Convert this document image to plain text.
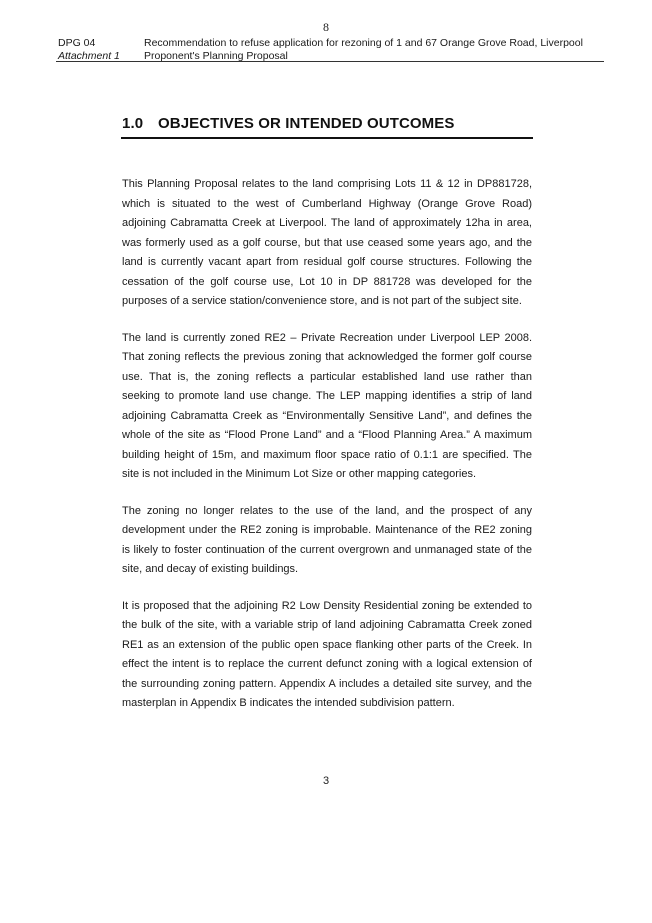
8
DPG 04	Recommendation to refuse application for rezoning of 1 and 67 Orange Grove Road, Liverpool
Attachment 1	Proponent's Planning Proposal
1.0 OBJECTIVES OR INTENDED OUTCOMES

This Planning Proposal relates to the land comprising Lots 11 & 12 in DP881728, which is situated to the west of Cumberland Highway (Orange Grove Road) adjoining Cabramatta Creek at Liverpool. The land of approximately 12ha in area, was formerly used as a golf course, but that use ceased some years ago, and the land is currently vacant apart from residual golf course structures. Following the cessation of the golf course use, Lot 10 in DP 881728 was developed for the purposes of a service station/convenience store, and is not part of the subject site.

The land is currently zoned RE2 – Private Recreation under Liverpool LEP 2008. That zoning reflects the previous zoning that acknowledged the former golf course use. That is, the zoning reflects a particular established land use rather than seeking to promote land use change. The LEP mapping identifies a strip of land adjoining Cabramatta Creek as “Environmentally Sensitive Land”, and defines the whole of the site as “Flood Prone Land” and a “Flood Planning Area.” A maximum building height of 15m, and maximum floor space ratio of 0.1:1 are specified. The site is not included in the Minimum Lot Size or other mapping categories.

The zoning no longer relates to the use of the land, and the prospect of any development under the RE2 zoning is improbable. Maintenance of the RE2 zoning is likely to foster continuation of the current overgrown and unmanaged state of the site, and decay of existing buildings.

It is proposed that the adjoining R2 Low Density Residential zoning be extended to the bulk of the site, with a variable strip of land adjoining Cabramatta Creek zoned RE1 as an extension of the public open space flanking other parts of the Creek. In effect the intent is to replace the current defunct zoning with a logical extension of the surrounding zoning pattern. Appendix A includes a detailed site survey, and the masterplan in Appendix B indicates the intended subdivision pattern.

3
